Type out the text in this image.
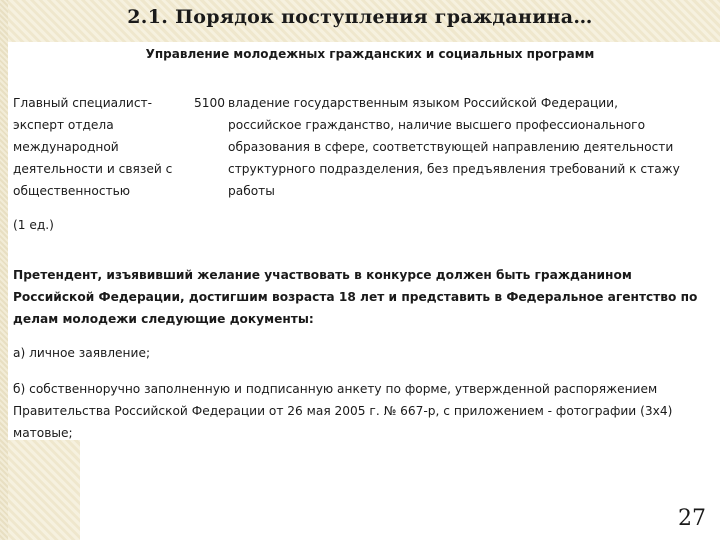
2.1. Порядок поступления гражданина…
Управление молодежных гражданских и социальных программ
Главный специалист-
эксперт отдела
международной
деятельности и связей с
общественностью
5100 владение государственным языком Российской Федерации,
российское гражданство, наличие высшего профессионального
образования в сфере, соответствующей направлению деятельности
структурного подразделения, без предъявления требований к стажу
работы
(1 ед.)
Претендент, изъявивший желание участвовать в конкурсе должен быть гражданином
Российской Федерации, достигшим возраста 18 лет и представить в Федеральное агентство по
делам молодежи следующие документы:
а) личное заявление;
б) собственноручно заполненную и подписанную анкету по форме, утвержденной распоряжением
Правительства Российской Федерации от 26 мая 2005 г. № 667-р, с приложением - фотографии (3х4)
матовые;
27
